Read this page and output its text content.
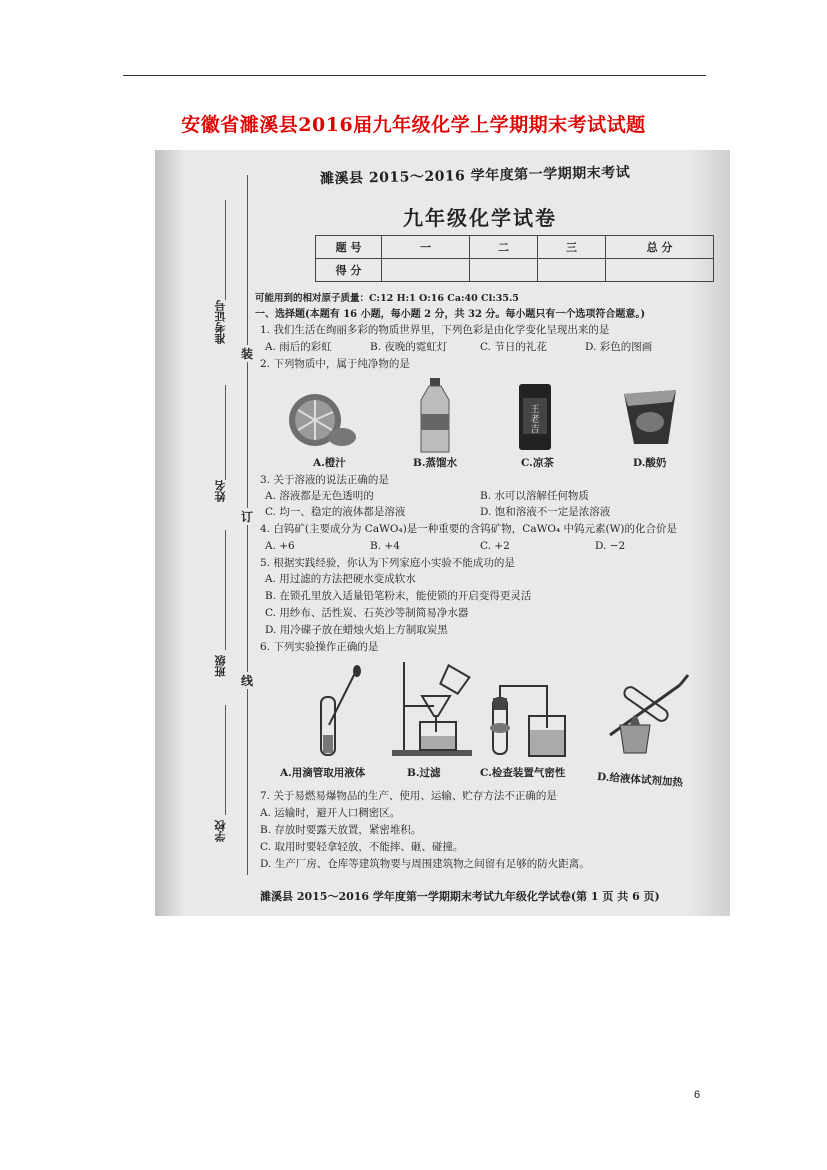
安徽省濉溪县2016届九年级化学上学期期末考试试题
准考证号
姓名
班级
学校
装
订
线
濉溪县 2015～2016 学年度第一学期期末考试
九年级化学试卷
题 号	一	二	三	总 分
得 分				
可能用到的相对原子质量：C:12 H:1 O:16 Ca:40 Cl:35.5
一、选择题(本题有 16 小题，每小题 2 分，共 32 分。每小题只有一个选项符合题意。)
1. 我们生活在绚丽多彩的物质世界里，下列色彩是由化学变化呈现出来的是
A. 雨后的彩虹	B. 夜晚的霓虹灯	C. 节日的礼花	D. 彩色的图画
2. 下列物质中，属于纯净物的是
王
老
吉
A.橙汁	B.蒸馏水	C.凉茶	D.酸奶
3. 关于溶液的说法正确的是
A. 溶液都是无色透明的	B. 水可以溶解任何物质
C. 均一、稳定的液体都是溶液	D. 饱和溶液不一定是浓溶液
4. 白钨矿(主要成分为 CaWO₄)是一种重要的含钨矿物，CaWO₄ 中钨元素(W)的化合价是
A. +6	B. +4	C. +2	D. −2
5. 根据实践经验，你认为下列家庭小实验不能成功的是
A. 用过滤的方法把硬水变成软水
B. 在锁孔里放入适量铅笔粉末，能使锁的开启变得更灵活
C. 用纱布、活性炭、石英沙等制简易净水器
D. 用冷碟子放在蜡烛火焰上方制取炭黑
6. 下列实验操作正确的是
A.用滴管取用液体	B.过滤	C.检查装置气密性	D.给液体试剂加热
7. 关于易燃易爆物品的生产、使用、运输、贮存方法不正确的是
A. 运输时，避开人口稠密区。
B. 存放时要露天放置，紧密堆积。
C. 取用时要轻拿轻放，不能摔、砸、碰撞。
D. 生产厂房、仓库等建筑物要与周围建筑物之间留有足够的防火距离。
濉溪县 2015～2016 学年度第一学期期末考试九年级化学试卷(第 1 页 共 6 页)
6
